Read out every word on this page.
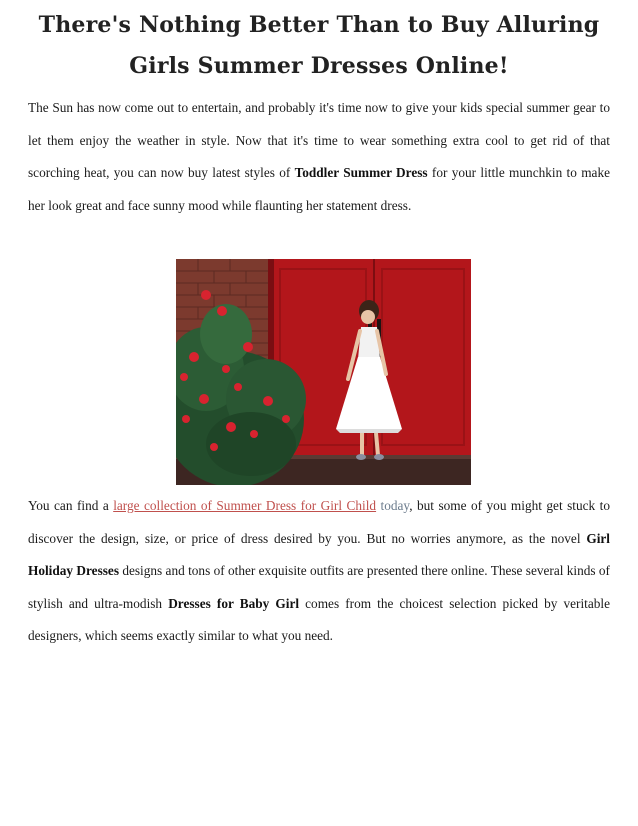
There's Nothing Better Than to Buy Alluring Girls Summer Dresses Online!

The Sun has now come out to entertain, and probably it's time now to give your kids special summer gear to let them enjoy the weather in style. Now that it's time to wear something extra cool to get rid of that scorching heat, you can now buy latest styles of Toddler Summer Dress for your little munchkin to make her look great and face sunny mood while flaunting her statement dress.

You can find a large collection of Summer Dress for Girl Child today, but some of you might get stuck to discover the design, size, or price of dress desired by you. But no worries anymore, as the novel Girl Holiday Dresses designs and tons of other exquisite outfits are presented there online. These several kinds of stylish and ultra-modish Dresses for Baby Girl comes from the choicest selection picked by veritable designers, which seems exactly similar to what you need.
